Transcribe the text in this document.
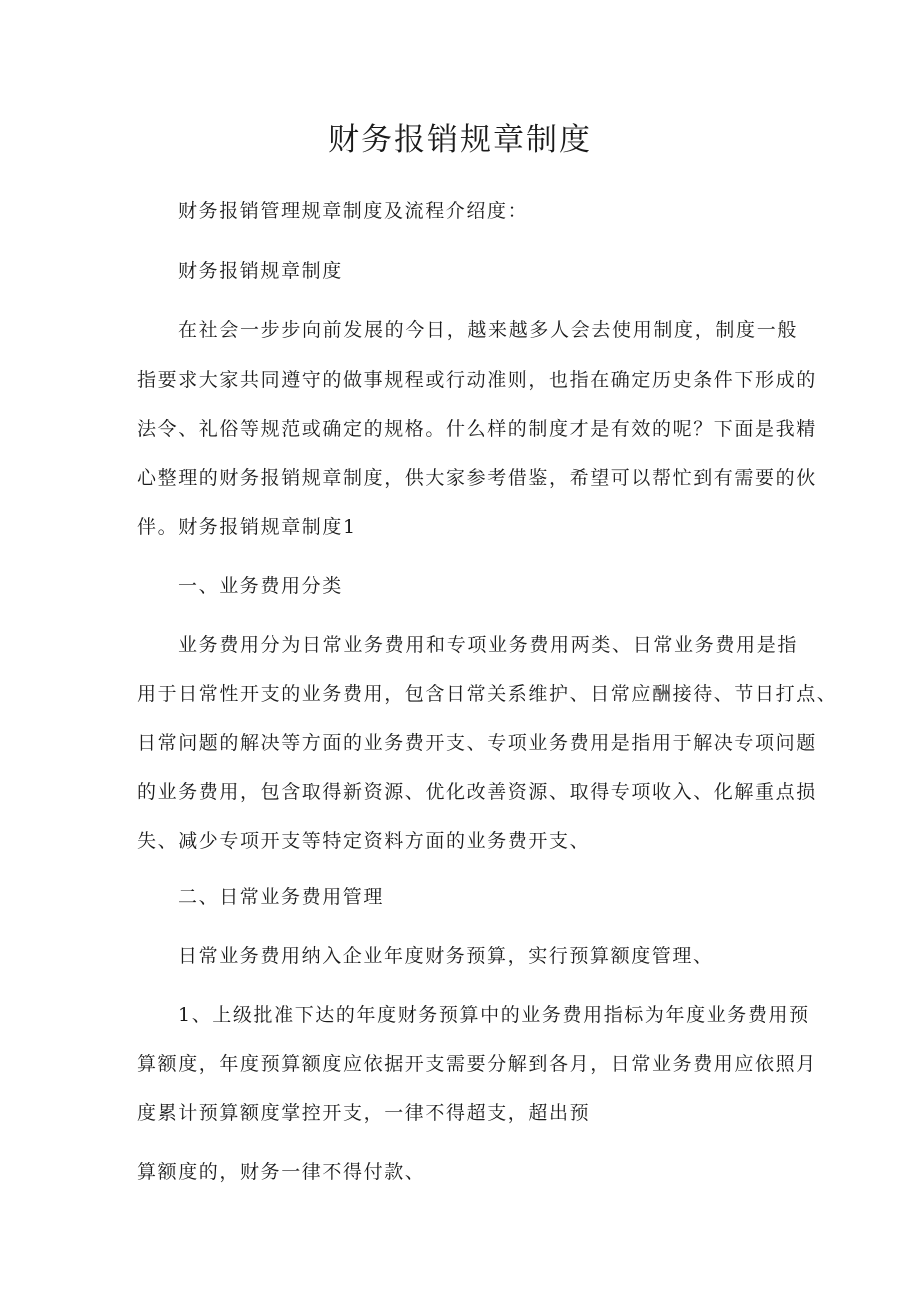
财务报销规章制度
财务报销管理规章制度及流程介绍度：
财务报销规章制度
在社会一步步向前发展的今日，越来越多人会去使用制度，制度一般
指要求大家共同遵守的做事规程或行动准则，也指在确定历史条件下形成的
法令、礼俗等规范或确定的规格。什么样的制度才是有效的呢？下面是我精
心整理的财务报销规章制度，供大家参考借鉴，希望可以帮忙到有需要的伙
伴。财务报销规章制度1
一、业务费用分类
业务费用分为日常业务费用和专项业务费用两类、日常业务费用是指
用于日常性开支的业务费用，包含日常关系维护、日常应酬接待、节日打点、
日常问题的解决等方面的业务费开支、专项业务费用是指用于解决专项问题
的业务费用，包含取得新资源、优化改善资源、取得专项收入、化解重点损
失、减少专项开支等特定资料方面的业务费开支、
二、日常业务费用管理
日常业务费用纳入企业年度财务预算，实行预算额度管理、
1、上级批准下达的年度财务预算中的业务费用指标为年度业务费用预
算额度，年度预算额度应依据开支需要分解到各月，日常业务费用应依照月
度累计预算额度掌控开支，一律不得超支，超出预
算额度的，财务一律不得付款、
